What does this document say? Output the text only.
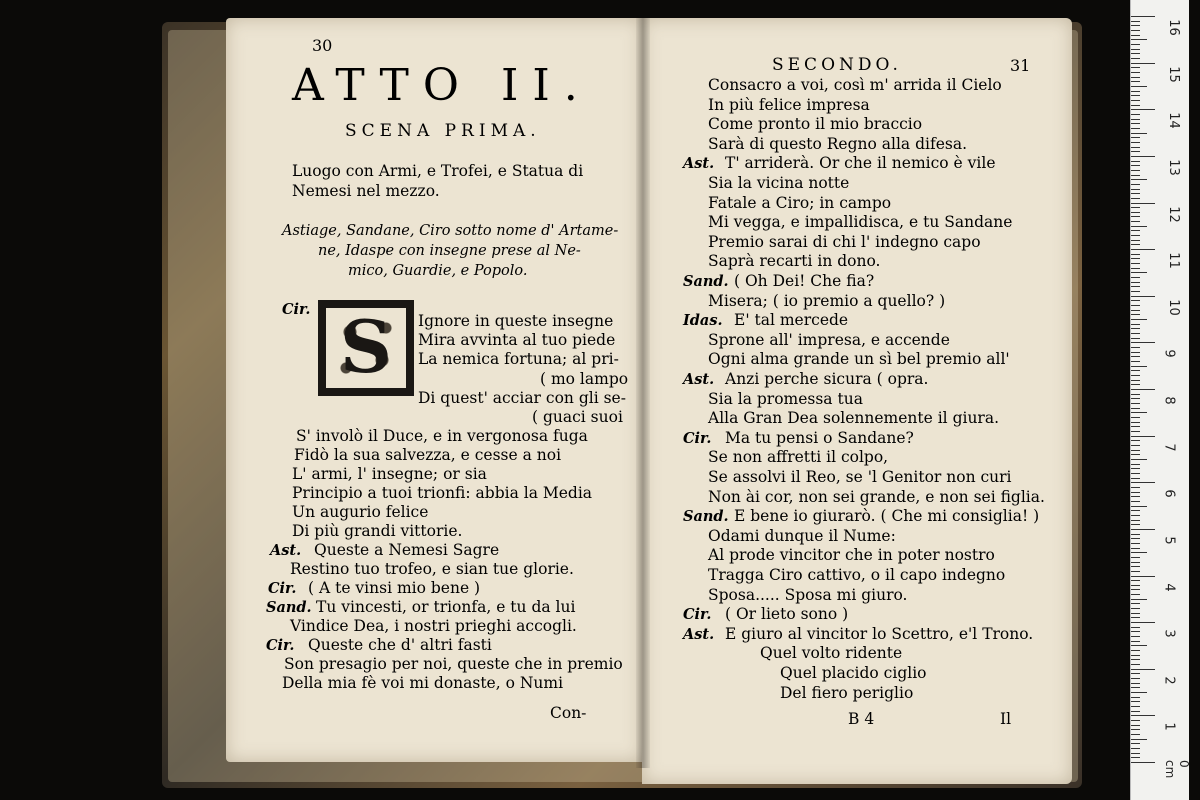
30
ATTO II.
SCENA PRIMA.
Luogo con Armi, e Trofei, e Statua di
Nemesi nel mezzo.
Astiage, Sandane, Ciro sotto nome d' Artame-
ne, Idaspe con insegne prese al Ne-
mico, Guardie, e Popolo.
Cir. S	Ignore in queste insegne
Mira avvinta al tuo piede
La nemica fortuna; al pri-
( mo lampo
Di quest' acciar con gli se-
( guaci suoi
S' involò il Duce, e in vergonosa fuga
Fidò la sua salvezza, e cesse a noi
L' armi, l' insegne; or sia
Principio a tuoi trionfi: abbia la Media
Un augurio felice
Di più grandi vittorie.
Ast. Queste a Nemesi Sagre
Restino tuo trofeo, e sian tue glorie.
Cir. ( A te vinsi mio bene )
Sand. Tu vincesti, or trionfa, e tu da lui
Vindice Dea, i nostri prieghi accogli.
Cir. Queste che d' altri fasti
Son presagio per noi, queste che in premio
Della mia fè voi mi donaste, o Numi
Con-
SECONDO.	31
Consacro a voi, così m' arrida il Cielo
In più felice impresa
Come pronto il mio braccio
Sarà di questo Regno alla difesa.
Ast. T' arriderà. Or che il nemico è vile
Sia la vicina notte
Fatale a Ciro; in campo
Mi vegga, e impallidisca, e tu Sandane
Premio sarai di chi l' indegno capo
Saprà recarti in dono.
Sand. ( Oh Dei! Che fia?
Misera; ( io premio a quello? )
Idas. E' tal mercede
Sprone all' impresa, e accende
Ogni alma grande un sì bel premio all'
Ast. Anzi perche sicura ( opra.
Sia la promessa tua
Alla Gran Dea solennemente il giura.
Cir. Ma tu pensi o Sandane?
Se non affretti il colpo,
Se assolvi il Reo, se 'l Genitor non curi
Non ài cor, non sei grande, e non sei figlia.
Sand. E bene io giurarò. ( Che mi consiglia! )
Odami dunque il Nume:
Al prode vincitor che in poter nostro
Tragga Ciro cattivo, o il capo indegno
Sposa..... Sposa mi giuro.
Cir. ( Or lieto sono )
Ast. E giuro al vincitor lo Scettro, e'l Trono.
Quel volto ridente
Quel placido ciglio
Del fiero periglio
B 4	Il
16
15
14
13
12
11
10
9
8
7
6
5
4
3
2
1
0 cm
